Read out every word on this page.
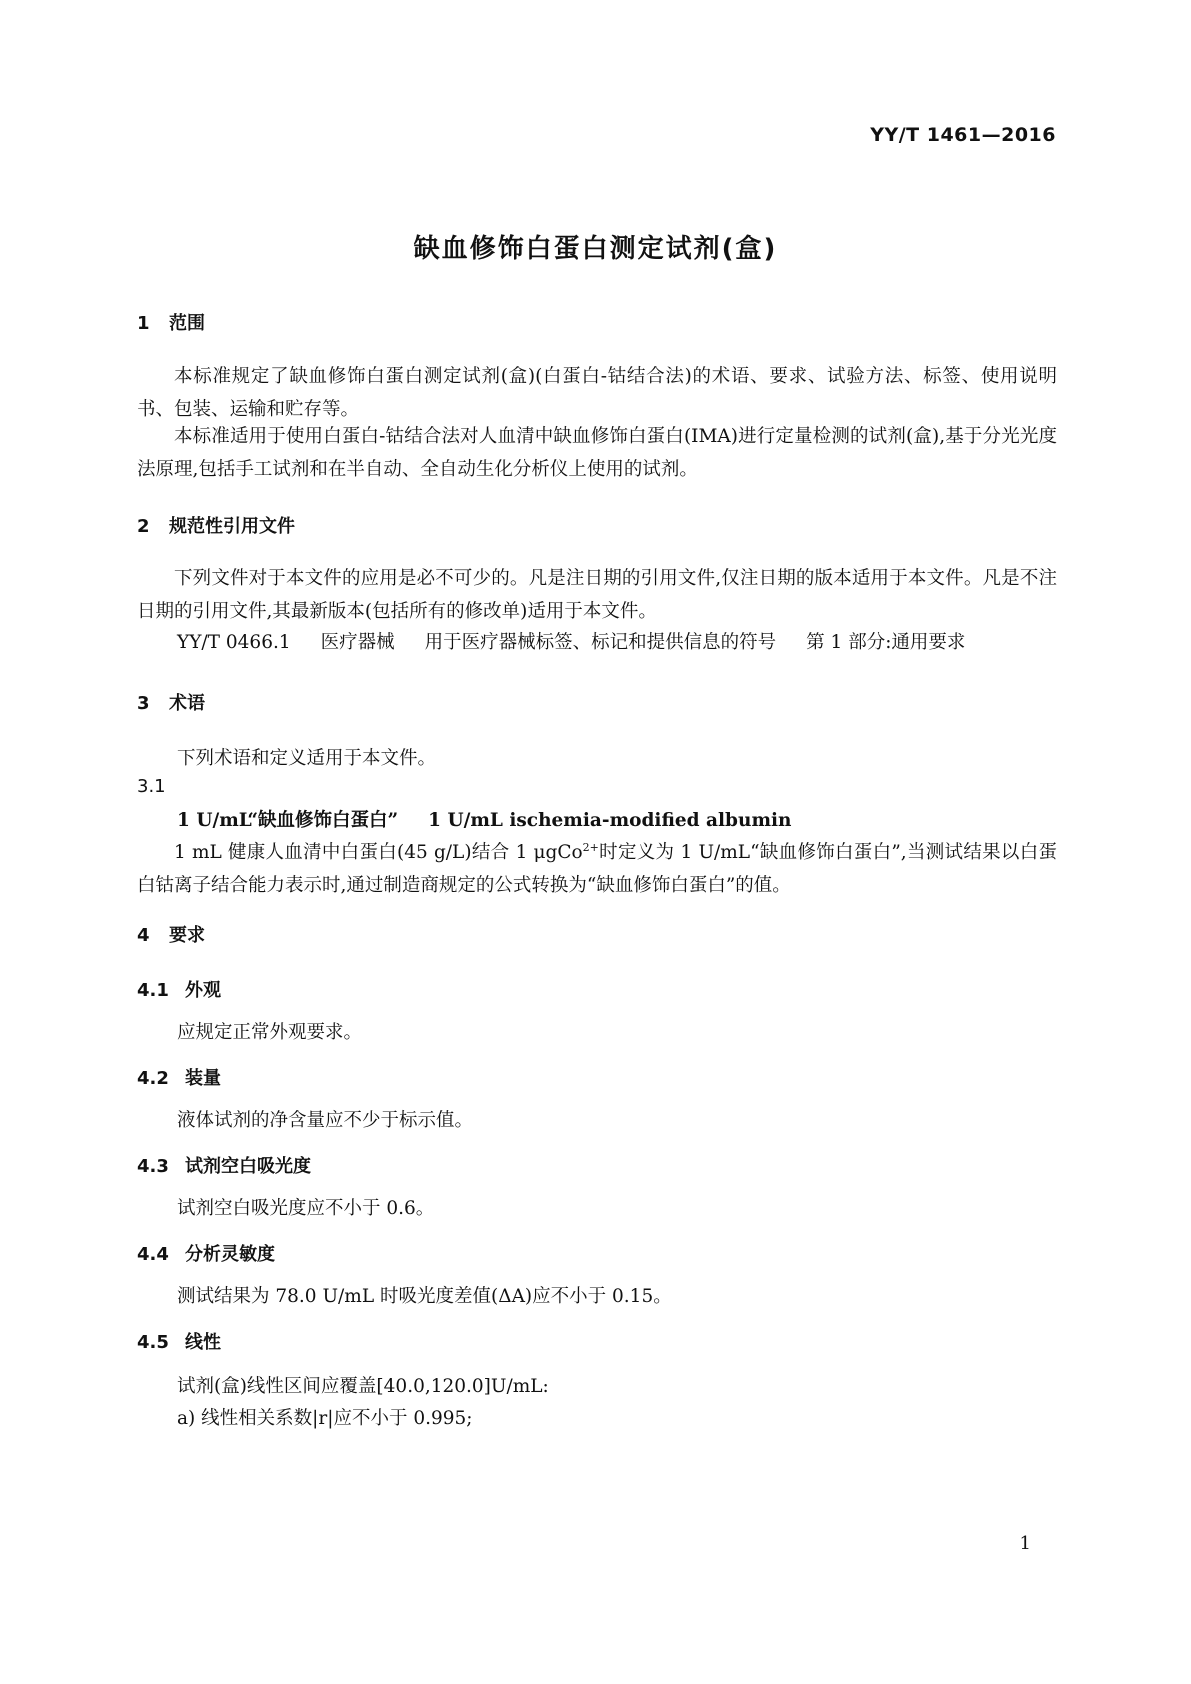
YY/T 1461—2016
缺血修饰白蛋白测定试剂(盒)
1 范围
本标准规定了缺血修饰白蛋白测定试剂(盒)(白蛋白-钴结合法)的术语、要求、试验方法、标签、使用说明书、包装、运输和贮存等。
本标准适用于使用白蛋白-钴结合法对人血清中缺血修饰白蛋白(IMA)进行定量检测的试剂(盒),基于分光光度法原理,包括手工试剂和在半自动、全自动生化分析仪上使用的试剂。
2 规范性引用文件
下列文件对于本文件的应用是必不可少的。凡是注日期的引用文件,仅注日期的版本适用于本文件。凡是不注日期的引用文件,其最新版本(包括所有的修改单)适用于本文件。
YY/T 0466.1 医疗器械 用于医疗器械标签、标记和提供信息的符号 第 1 部分:通用要求
3 术语
下列术语和定义适用于本文件。
3.1
1 U/mL“缺血修饰白蛋白” 1 U/mL ischemia-modified albumin
1 mL 健康人血清中白蛋白(45 g/L)结合 1 μgCo$^{2+}$时定义为 1 U/mL“缺血修饰白蛋白”,当测试结果以白蛋白钴离子结合能力表示时,通过制造商规定的公式转换为“缺血修饰白蛋白”的值。
4 要求
4.1 外观
应规定正常外观要求。
4.2 装量
液体试剂的净含量应不少于标示值。
4.3 试剂空白吸光度
试剂空白吸光度应不小于 0.6。
4.4 分析灵敏度
测试结果为 78.0 U/mL 时吸光度差值(ΔA)应不小于 0.15。
4.5 线性
试剂(盒)线性区间应覆盖[40.0,120.0]U/mL:
a) 线性相关系数|r|应不小于 0.995;
1
